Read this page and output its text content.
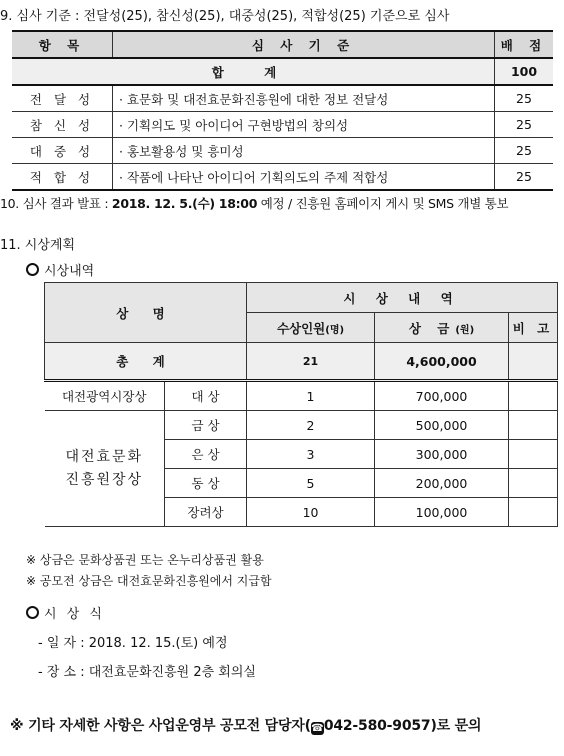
9. 심사 기준 : 전달성(25), 참신성(25), 대중성(25), 적합성(25) 기준으로 심사
항 목	심 사 기 준	배 점
합 계		100
전 달 성	· 효문화 및 대전효문화진흥원에 대한 정보 전달성	25
참 신 성	· 기획의도 및 아이디어 구현방법의 창의성	25
대 중 성	· 홍보활용성 및 흥미성	25
적 합 성	· 작품에 나타난 아이디어 기획의도의 주제 적합성	25
10. 심사 결과 발표 : 2018. 12. 5.(수) 18:00 예정 / 진흥원 홈페이지 게시 및 SMS 개별 통보
11. 시상계획
시상내역
상 명		시 상 내 역		
		수상인원(명)	상 금(원)	비 고
총 계		21	4,600,000	
대전광역시장상	대 상	1	700,000	

대전효문화
진흥원장상	금 상	2	500,000	
	은 상	3	300,000	
	동 상	5	200,000	
	장려상	10	100,000	
※ 상금은 문화상품권 또는 온누리상품권 활용
※ 공모전 상금은 대전효문화진흥원에서 지급함
시 상 식
- 일 자 : 2018. 12. 15.(토) 예정
- 장 소 : 대전효문화진흥원 2층 회의실
※ 기타 자세한 사항은 사업운영부 공모전 담당자(☎042-580-9057)로 문의
